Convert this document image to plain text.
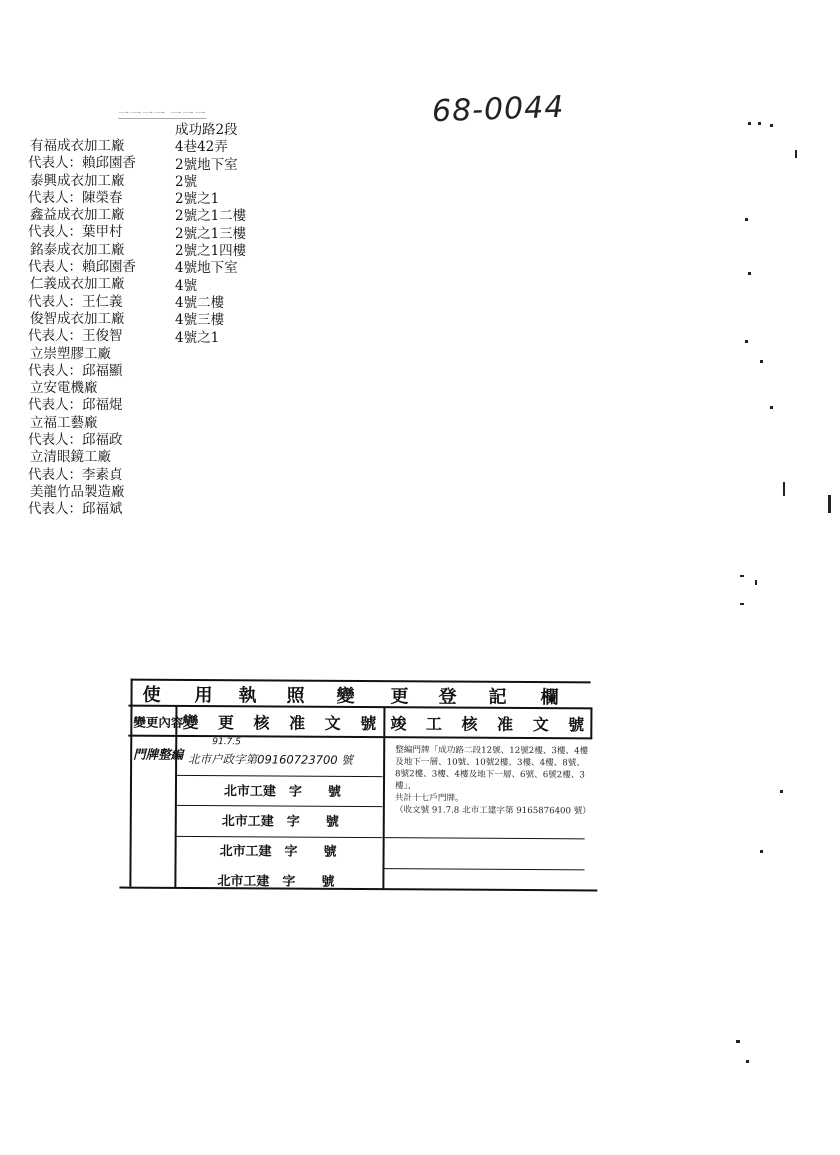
68-0044
一一一一 一一一
有福成衣加工廠
代表人：賴邱園香
泰興成衣加工廠
代表人：陳榮春
鑫益成衣加工廠
代表人：葉甲村
銘泰成衣加工廠
代表人：賴邱園香
仁義成衣加工廠
代表人：王仁義
俊智成衣加工廠
代表人：王俊智
立崇塑膠工廠
代表人：邱福顯
立安電機廠
代表人：邱福焜
立福工藝廠
代表人：邱福政
立清眼鏡工廠
代表人：李素貞
美龍竹品製造廠
代表人：邱福斌
成功路2段
4巷42弄
2號地下室
2號
2號之1
2號之1二樓
2號之1三樓
2號之1四樓
4號地下室
4號
4號二樓
4號三樓
4號之1
使 用 執 照 變 更 登 記 欄
變更內容
變 更 核 准 文 號 竣 工 核 准 文 號
門牌整編
91.7.5
北市户政字第09160723700 號
整編門牌「成功路二段12號、12號2樓、3樓、4樓
及地下一層、10號、10號2樓、3樓、4樓、8號、
8號2樓、3樓、4樓及地下一層、6號、6號2樓、3樓」，
共計十七戶門牌。
（收文號 91.7.8 北市工建字第 9165876400 號）
北市工建　字　　號
北市工建　字　　號
北市工建　字　　號
北市工建　字　　號
